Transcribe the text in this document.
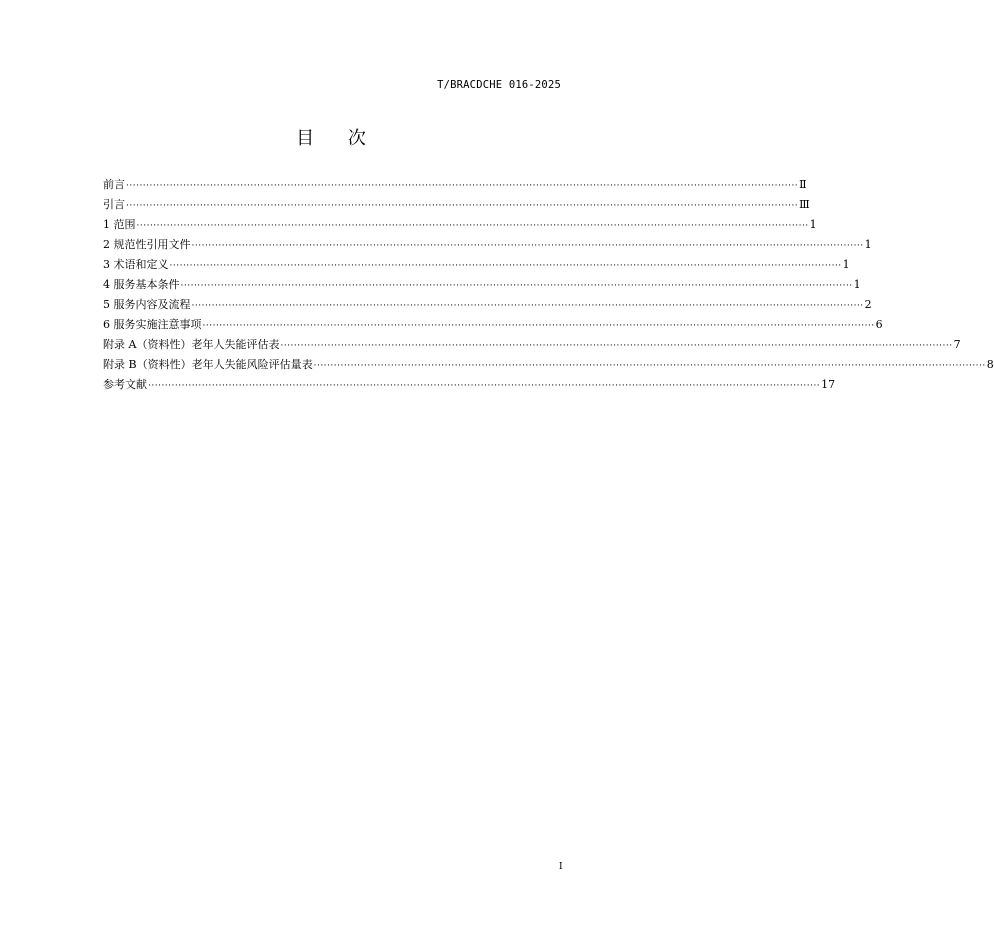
T/BRACDCHE 016-2025
目 次
前言 ········································································································································································································ Ⅱ
引言 ········································································································································································································ Ⅲ
1 范围 ········································································································································································································ 1
2 规范性引用文件 ········································································································································································································ 1
3 术语和定义 ········································································································································································································ 1
4 服务基本条件 ········································································································································································································ 1
5 服务内容及流程 ········································································································································································································ 2
6 服务实施注意事项 ········································································································································································································ 6
附录 A（资料性）老年人失能评估表 ········································································································································································································ 7
附录 B（资料性）老年人失能风险评估量表 ········································································································································································································ 8
参考文献 ········································································································································································································ 17
I
